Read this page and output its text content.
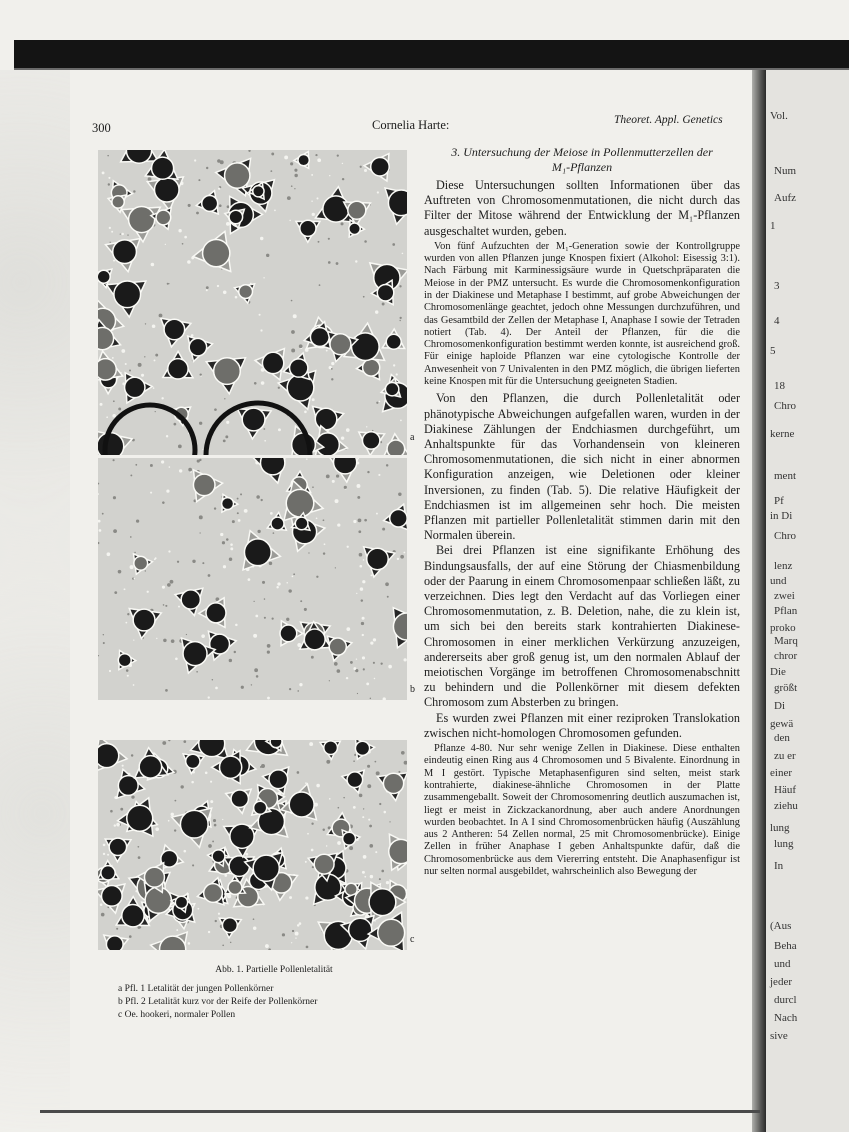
Vol.
Num
Aufz
1
3
4
5
18
Chro
kerne
ment
Pf
in Di
Chro
lenz
und
zwei
Pflan
proko
Marq
chror
Die
größt
Di
gewä
den
zu er
einer
Häuf
ziehu
lung
lung
In
(Aus
Beha
und
jeder
durcl
Nach
sive
300	Cornelia Harte:	Theoret. Appl. Genetics
a
b
c
Abb. 1. Partielle Pollenletalität
a Pfl. 1 Letalität der jungen Pollenkörner
b Pfl. 2 Letalität kurz vor der Reife der Pollenkörner
c Oe. hookeri, normaler Pollen
3. Untersuchung der Meiose in Pollenmutterzellen der
M₁-Pflanzen

Diese Untersuchungen sollten Informationen über das Auftreten von Chromosomenmutationen, die nicht durch das Filter der Mitose während der Entwicklung der M₁-Pflanzen ausgeschaltet wurden, geben.

Von fünf Aufzuchten der M₁-Generation sowie der Kontrollgruppe wurden von allen Pflanzen junge Knospen fixiert (Alkohol: Eisessig 3:1). Nach Färbung mit Karminessigsäure wurde in Quetschpräparaten die Meiose in der PMZ untersucht. Es wurde die Chromosomenkonfiguration in der Diakinese und Metaphase I bestimmt, auf grobe Abweichungen der Chromosomenlänge geachtet, jedoch ohne Messungen durchzuführen, und das Gesamtbild der Zellen der Metaphase I, Anaphase I sowie der Tetraden notiert (Tab. 4). Der Anteil der Pflanzen, für die die Chromosomenkonfiguration bestimmt werden konnte, ist ausreichend groß. Für einige haploide Pflanzen war eine cytologische Kontrolle der Anwesenheit von 7 Univalenten in den PMZ möglich, die übrigen lieferten keine Knospen mit für die Untersuchung geeigneten Stadien.

Von den Pflanzen, die durch Pollenletalität oder phänotypische Abweichungen aufgefallen waren, wurden in der Diakinese Zählungen der Endchiasmen durchgeführt, um Anhaltspunkte für das Vorhandensein von kleineren Chromosomenmutationen, die sich nicht in einer abnormen Konfiguration anzeigen, wie Deletionen oder kleiner Inversionen, zu finden (Tab. 5). Die relative Häufigkeit der Endchiasmen ist im allgemeinen sehr hoch. Die meisten Pflanzen mit partieller Pollenletalität stimmen darin mit den Normalen überein.

Bei drei Pflanzen ist eine signifikante Erhöhung des Bindungsausfalls, der auf eine Störung der Chiasmenbildung oder der Paarung in einem Chromosomenpaar schließen läßt, zu verzeichnen. Dies legt den Verdacht auf das Vorliegen einer Chromosomenmutation, z. B. Deletion, nahe, die zu klein ist, um sich bei den bereits stark kontrahierten Diakinese-Chromosomen in einer merklichen Verkürzung anzuzeigen, andererseits aber groß genug ist, um den normalen Ablauf der meiotischen Vorgänge im betroffenen Chromosomenabschnitt zu behindern und die Pollenkörner mit diesem defekten Chromosom zum Absterben zu bringen.

Es wurden zwei Pflanzen mit einer reziproken Translokation zwischen nicht-homologen Chromosomen gefunden.

Pflanze 4-80. Nur sehr wenige Zellen in Diakinese. Diese enthalten eindeutig einen Ring aus 4 Chromosomen und 5 Bivalente. Einordnung in M I gestört. Typische Metaphasenfiguren sind selten, meist stark kontrahierte, diakinese-ähnliche Chromosomen in der Platte zusammengeballt. Soweit der Chromosomenring deutlich auszumachen ist, liegt er meist in Zickzackanordnung, aber auch andere Anordnungen wurden beobachtet. In A I sind Chromosomenbrücken häufig (Auszählung aus 2 Antheren: 54 Zellen normal, 25 mit Chromosomenbrücke). Einige Zellen in früher Anaphase I geben Anhaltspunkte dafür, daß die Chromosomenbrücke aus dem Viererring entsteht. Die Anaphasenfigur ist nur selten normal ausgebildet, wahrscheinlich also Bewegung der
